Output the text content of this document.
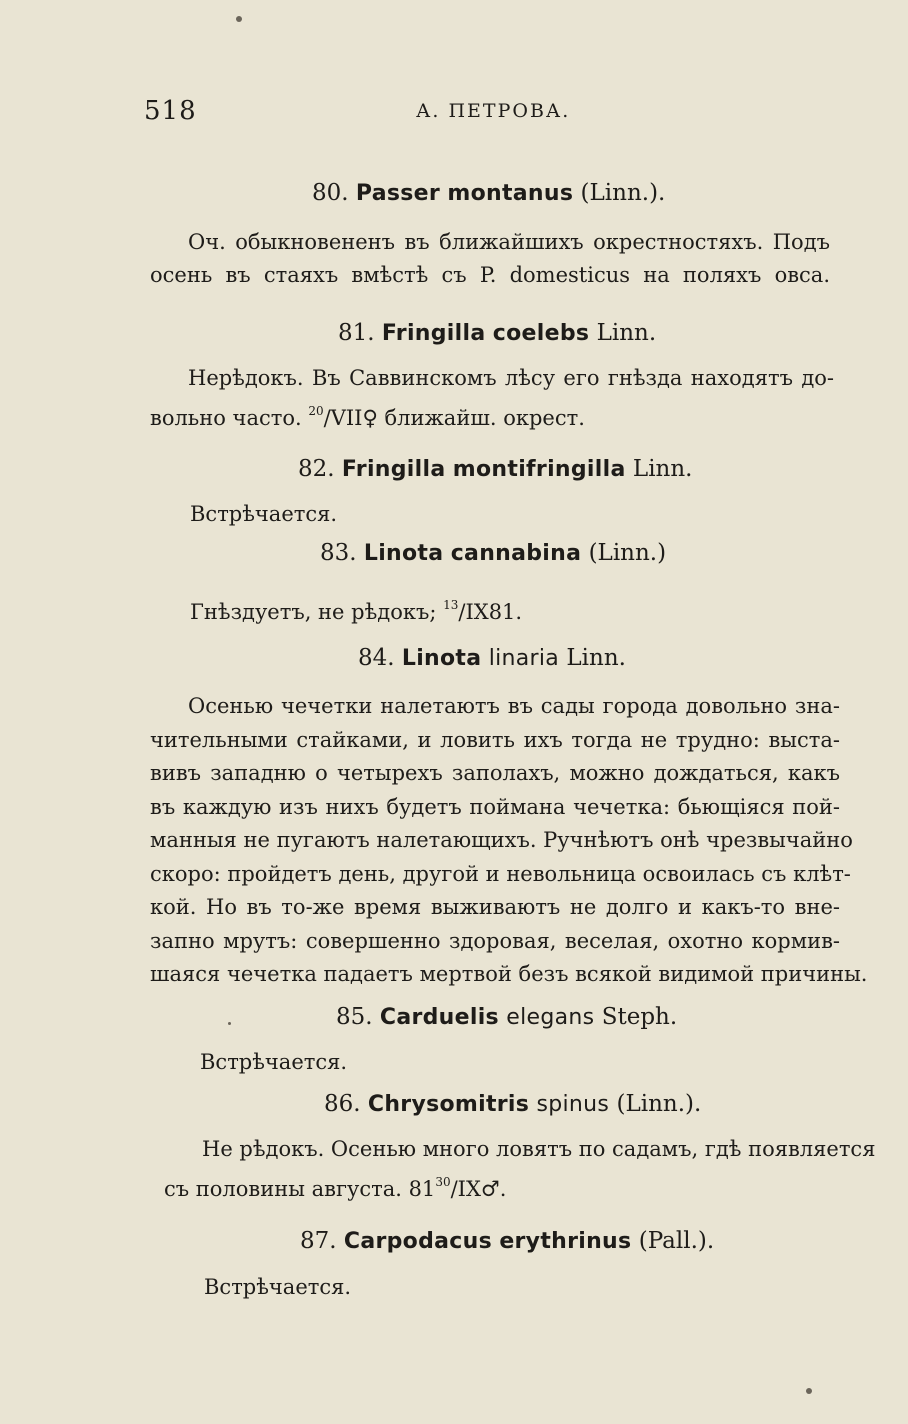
518	А. ПЕТРОВА.
80. Passer montanus (Linn.).
Оч. обыкновененъ въ ближайшихъ окрестностяхъ. Подъ
осень въ стаяхъ вмѣстѣ съ P. domesticus на поляхъ овса.
81. Fringilla coelebs Linn.
Нерѣдокъ. Въ Саввинскомъ лѣсу его гнѣзда находятъ до-
вольно часто. $^{20}$/VII♀ ближайш. окрест.
82. Fringilla montifringilla Linn.
Встрѣчается.
83. Linota cannabina (Linn.)
Гнѣздуетъ, не рѣдокъ; $^{13}$/IX81.
84. Linota linaria Linn.
Осенью чечетки налетаютъ въ сады города довольно зна-
чительными стайками, и ловить ихъ тогда не трудно: выста-
вивъ западню о четырехъ заполахъ, можно дождаться, какъ
въ каждую изъ нихъ будетъ поймана чечетка: бьющіяся пой-
манныя не пугаютъ налетающихъ. Ручнѣютъ онѣ чрезвычайно
скоро: пройдетъ день, другой и невольница освоилась съ клѣт-
кой. Но въ то-же время выживаютъ не долго и какъ-то вне-
запно мрутъ: совершенно здоровая, веселая, охотно кормив-
шаяся чечетка падаетъ мертвой безъ всякой видимой причины.
85. Carduelis elegans Steph.
Встрѣчается.
86. Chrysomitris spinus (Linn.).
Не рѣдокъ. Осенью много ловятъ по садамъ, гдѣ появляется
съ половины августа. $81^{30}/IX♂$.
87. Carpodacus erythrinus (Pall.).
Встрѣчается.
